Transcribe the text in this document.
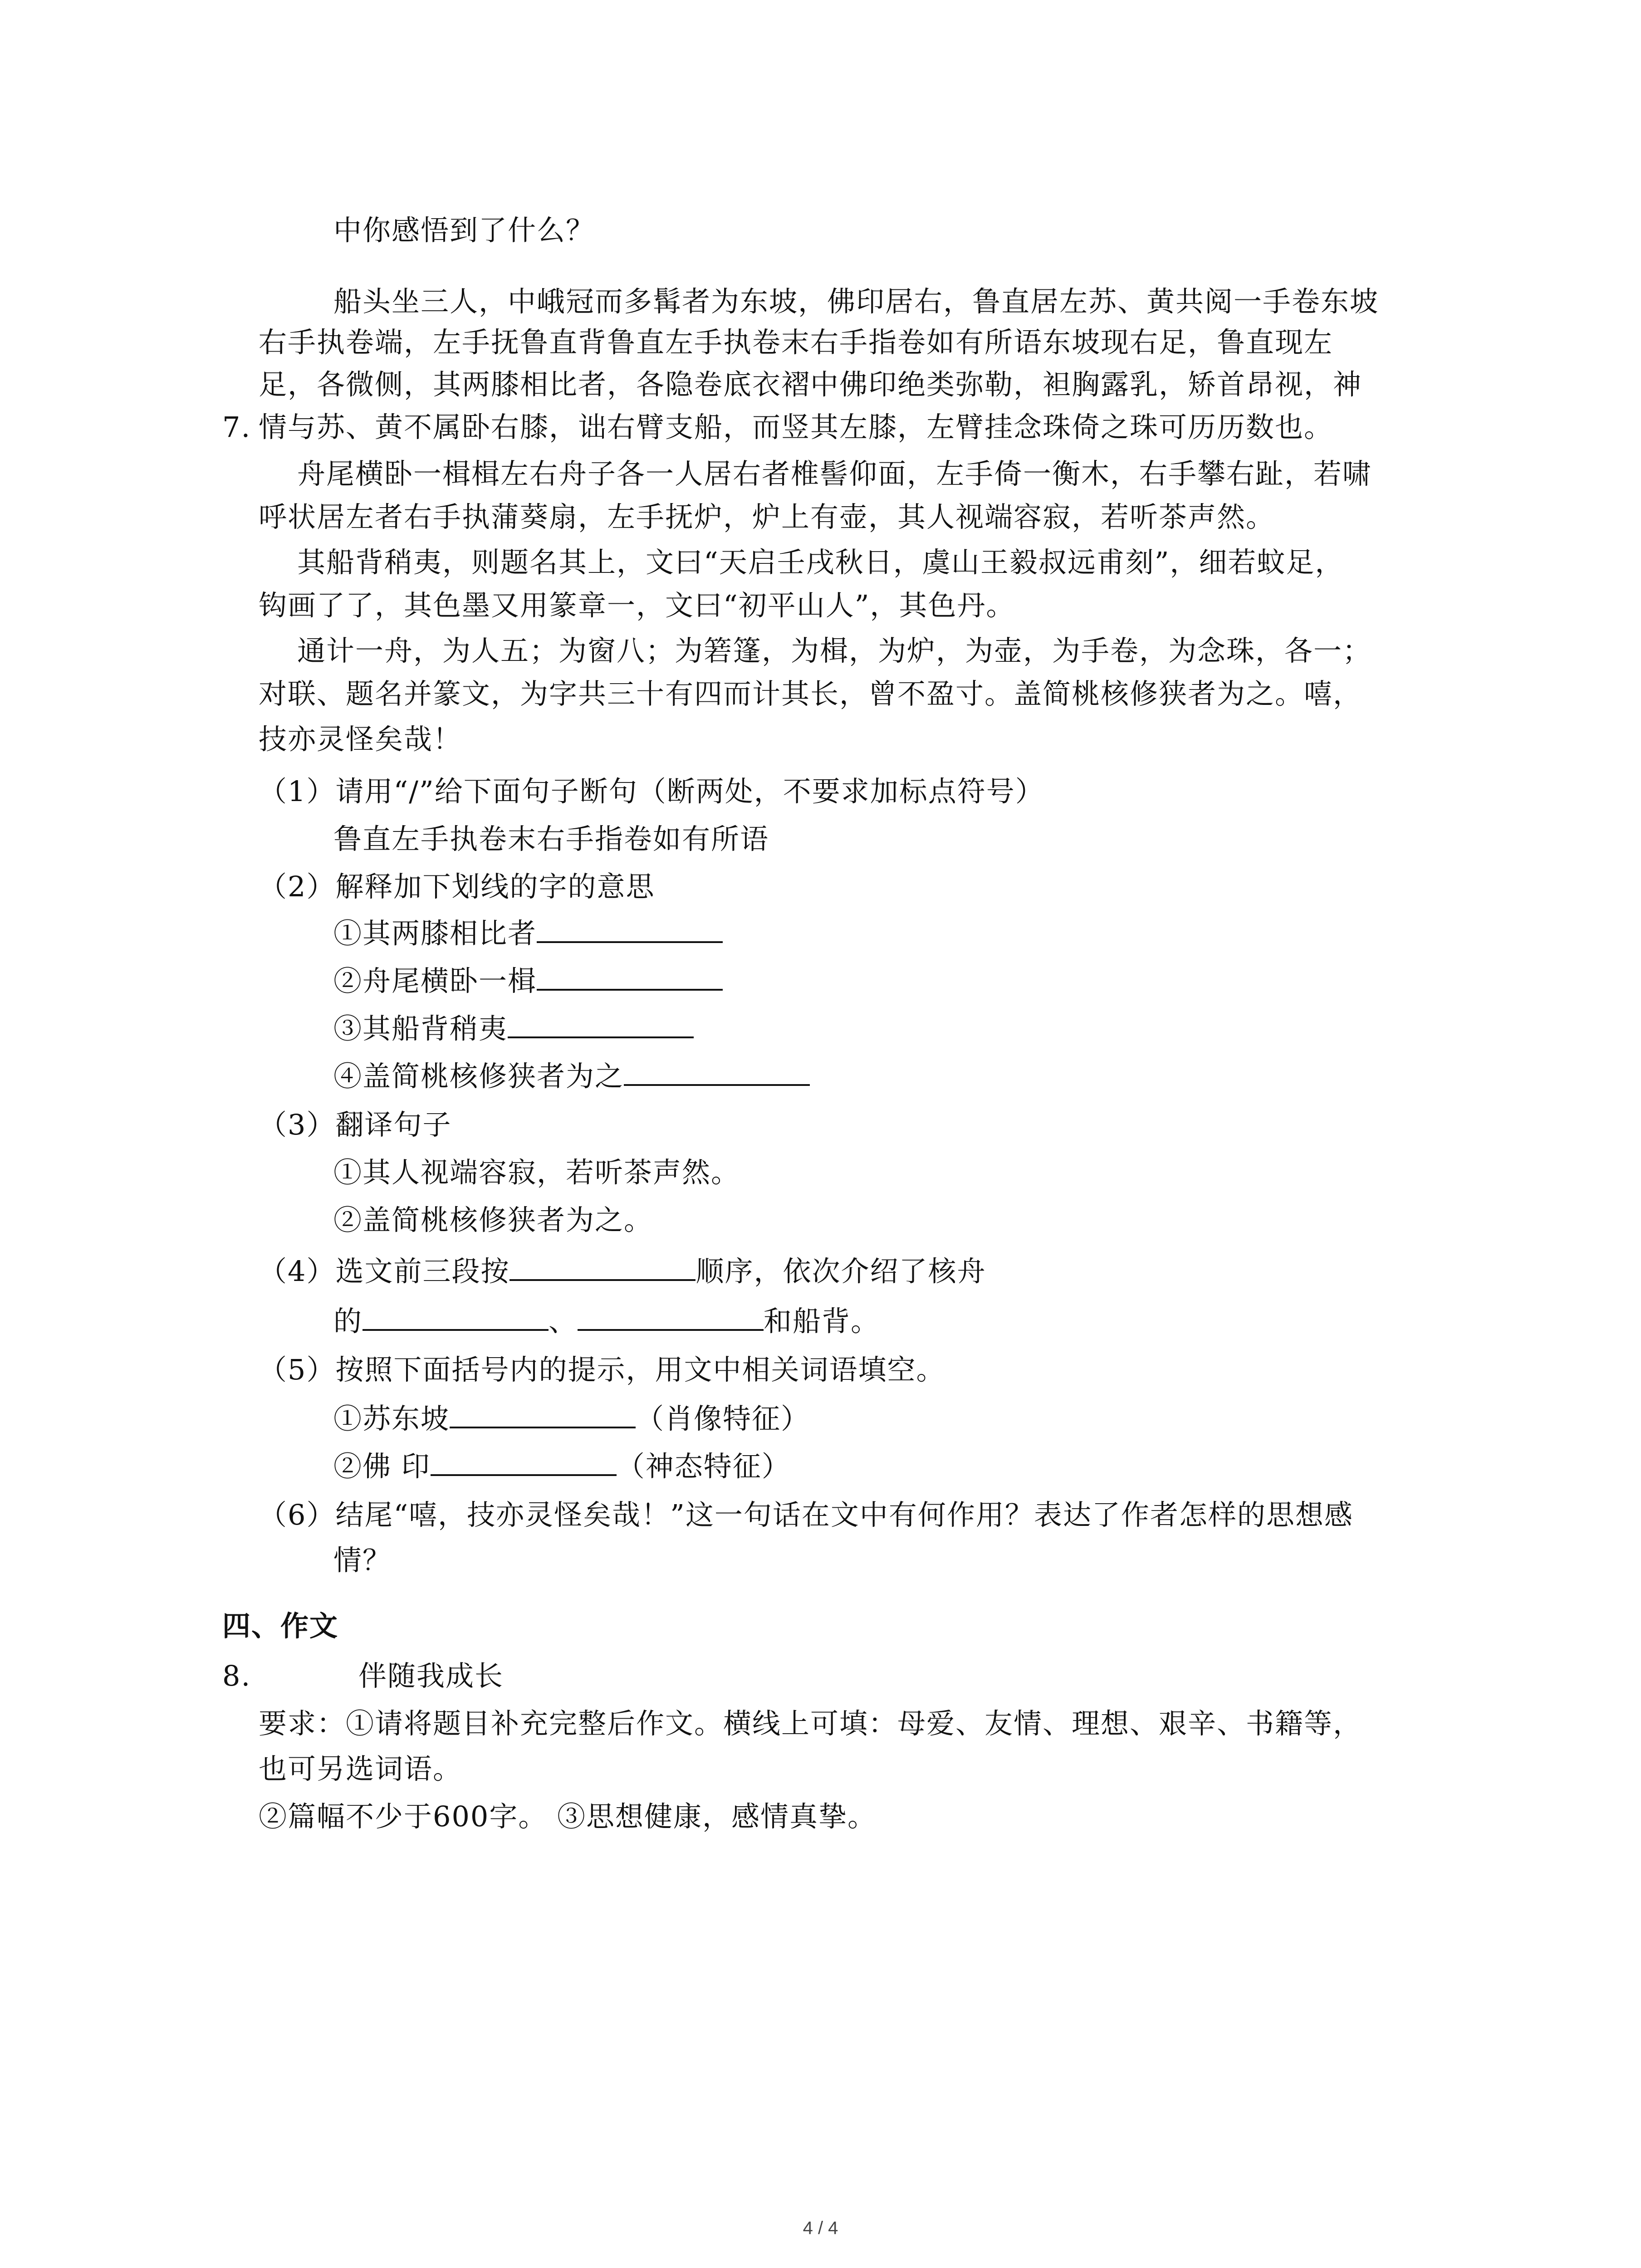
中你感悟到了什么？
船头坐三人，中峨冠而多髯者为东坡，佛印居右，鲁直居左苏、黄共阅一手卷东坡
右手执卷端，左手抚鲁直背鲁直左手执卷末右手指卷如有所语东坡现右足，鲁直现左
足，各微侧，其两膝相比者，各隐卷底衣褶中佛印绝类弥勒，袒胸露乳，矫首昂视，神
7. 情与苏、黄不属卧右膝，诎右臂支船，而竖其左膝，左臂挂念珠倚之珠可历历数也。
舟尾横卧一楫楫左右舟子各一人居右者椎髻仰面，左手倚一衡木，右手攀右趾，若啸
呼状居左者右手执蒲葵扇，左手抚炉，炉上有壶，其人视端容寂，若听茶声然。
其船背稍夷，则题名其上，文曰“天启壬戌秋日，虞山王毅叔远甫刻”，细若蚊足，
钩画了了，其色墨又用篆章一，文曰“初平山人”，其色丹。
通计一舟，为人五；为窗八；为箬篷，为楫，为炉，为壶，为手卷，为念珠，各一；
对联、题名并篆文，为字共三十有四而计其长，曾不盈寸。盖简桃核修狭者为之。嘻，
技亦灵怪矣哉！
（1）请用“/”给下面句子断句（断两处，不要求加标点符号）
鲁直左手执卷末右手指卷如有所语
（2）解释加下划线的字的意思
①其两膝相比者
②舟尾横卧一楫
③其船背稍夷
④盖简桃核修狭者为之
（3）翻译句子
①其人视端容寂，若听茶声然。
②盖简桃核修狭者为之。
（4）选文前三段按	顺序，依次介绍了核舟
的	、	和船背。
（5）按照下面括号内的提示，用文中相关词语填空。
①苏东坡	（肖像特征）
②佛 印	（神态特征）
（6）结尾“嘻，技亦灵怪矣哉！”这一句话在文中有何作用？表达了作者怎样的思想感
情？
四、作文
8.	伴随我成长
要求：①请将题目补充完整后作文。横线上可填：母爱、友情、理想、艰辛、书籍等，
也可另选词语。
②篇幅不少于600字。 ③思想健康，感情真挚。
4 / 4
